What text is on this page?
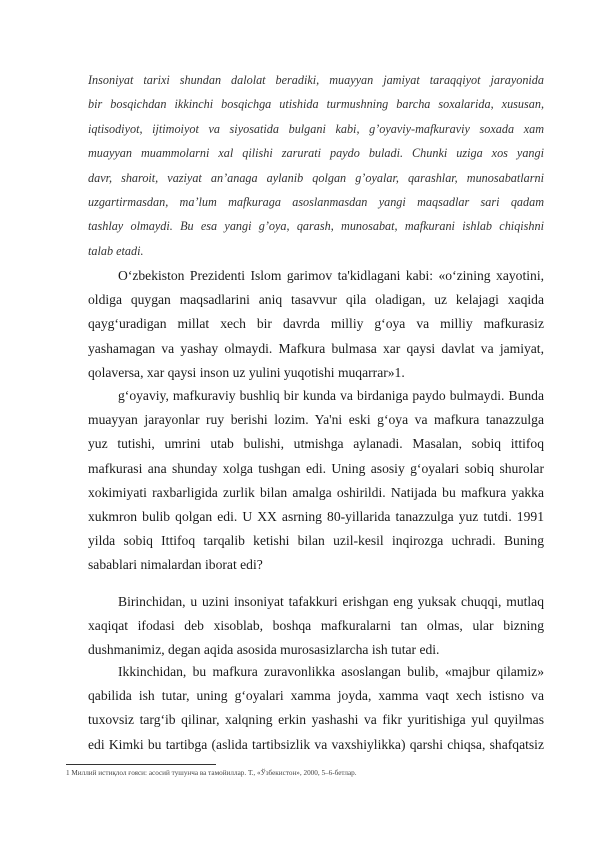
Insoniyat tarixi shundan dalolat beradiki, muayyan jamiyat taraqqiyot jarayonida
bir bosqichdan ikkinchi bosqichga utishida turmushning barcha soxalarida, xususan,
iqtisodiyot, ijtimoiyot va siyosatida bulgani kabi, g’oyaviy-mafkuraviy soxada xam
muayyan muammolarni xal qilishi zarurati paydo buladi. Chunki uziga xos yangi
davr, sharoit, vaziyat an’anaga aylanib qolgan g’oyalar, qarashlar, munosabatlarni
uzgartirmasdan, ma’lum mafkuraga asoslanmasdan yangi maqsadlar sari qadam
tashlay olmaydi. Bu esa yangi g’oya, qarash, munosabat, mafkurani ishlab chiqishni
talab etadi.
O‘zbekiston Prezidenti Islom garimov ta'kidlagani kabi: «o‘zining xayotini,
oldiga quygan maqsadlarini aniq tasavvur qila oladigan, uz kelajagi xaqida
qayg‘uradigan millat xech bir davrda milliy g‘oya va milliy mafkurasiz
yashamagan va yashay olmaydi. Mafkura bulmasa xar qaysi davlat va jamiyat,
qolaversa, xar qaysi inson uz yulini yuqotishi muqarrar»1.
g‘oyaviy, mafkuraviy bushliq bir kunda va birdaniga paydo bulmaydi. Bunda
muayyan jarayonlar ruy berishi lozim. Ya'ni eski g‘oya va mafkura tanazzulga
yuz tutishi, umrini utab bulishi, utmishga aylanadi. Masalan, sobiq ittifoq
mafkurasi ana shunday xolga tushgan edi. Uning asosiy g‘oyalari sobiq shurolar
xokimiyati raxbarligida zurlik bilan amalga oshirildi. Natijada bu mafkura yakka
xukmron bulib qolgan edi. U XX asrning 80-yillarida tanazzulga yuz tutdi. 1991
yilda sobiq Ittifoq tarqalib ketishi bilan uzil-kesil inqirozga uchradi. Buning
sabablari nimalardan iborat edi?
Birinchidan, u uzini insoniyat tafakkuri erishgan eng yuksak chuqqi, mutlaq
xaqiqat ifodasi deb xisoblab, boshqa mafkuralarni tan olmas, ular bizning
dushmanimiz, degan aqida asosida murosasizlarcha ish tutar edi.
Ikkinchidan, bu mafkura zuravonlikka asoslangan bulib, «majbur qilamiz»
qabilida ish tutar, uning g‘oyalari xamma joyda, xamma vaqt xech istisno va
tuxovsiz targ‘ib qilinar, xalqning erkin yashashi va fikr yuritishiga yul quyilmas
edi Kimki bu tartibga (aslida tartibsizlik va vaxshiylikka) qarshi chiqsa, shafqatsiz
1 Миллий истиқлол ғояси: асосий тушунча ва тамойиллар. Т., «Ўзбекистон», 2000, 5–6-бетлар.
